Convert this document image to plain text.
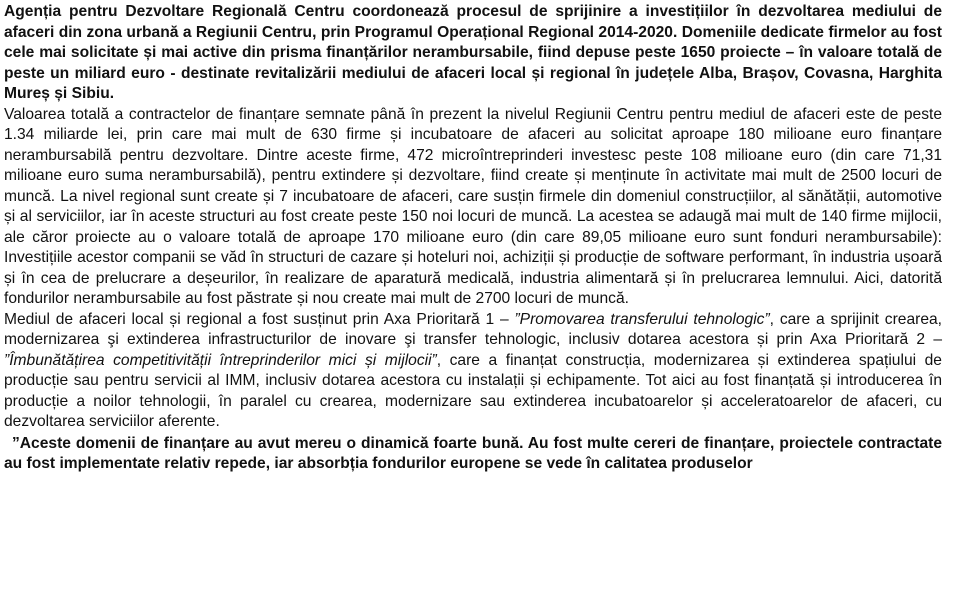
Agenția pentru Dezvoltare Regională Centru coordonează procesul de sprijinire a investițiilor în dezvoltarea mediului de afaceri din zona urbană a Regiunii Centru, prin Programul Operațional Regional 2014-2020. Domeniile dedicate firmelor au fost cele mai solicitate și mai active din prisma finanțărilor nerambursabile, fiind depuse peste 1650 proiecte – în valoare totală de peste un miliard euro - destinate revitalizării mediului de afaceri local și regional în județele Alba, Brașov, Covasna, Harghita Mureș și Sibiu.

Valoarea totală a contractelor de finanțare semnate până în prezent la nivelul Regiunii Centru pentru mediul de afaceri este de peste 1.34 miliarde lei, prin care mai mult de 630 firme și incubatoare de afaceri au solicitat aproape 180 milioane euro finanțare nerambursabilă pentru dezvoltare. Dintre aceste firme, 472 microîntreprinderi investesc peste 108 milioane euro (din care 71,31 milioane euro suma nerambursabilă), pentru extindere și dezvoltare, fiind create și menținute în activitate mai mult de 2500 locuri de muncă. La nivel regional sunt create și 7 incubatoare de afaceri, care susțin firmele din domeniul construcțiilor, al sănătății, automotive și al serviciilor, iar în aceste structuri au fost create peste 150 noi locuri de muncă. La acestea se adaugă mai mult de 140 firme mijlocii, ale căror proiecte au o valoare totală de aproape 170 milioane euro (din care 89,05 milioane euro sunt fonduri nerambursabile): Investițiile acestor companii se văd în structuri de cazare și hoteluri noi, achiziții și producție de software performant, în industria ușoară și în cea de prelucrare a deșeurilor, în realizare de aparatură medicală, industria alimentară și în prelucrarea lemnului. Aici, datorită fondurilor nerambursabile au fost păstrate și nou create mai mult de 2700 locuri de muncă.

Mediul de afaceri local și regional a fost susținut prin Axa Prioritară 1 – ”Promovarea transferului tehnologic”, care a sprijinit crearea, modernizarea şi extinderea infrastructurilor de inovare şi transfer tehnologic, inclusiv dotarea acestora și prin Axa Prioritară 2 – ”Îmbunătățirea competitivității întreprinderilor mici și mijlocii”, care a finanțat construcția, modernizarea și extinderea spațiului de producție sau pentru servicii al IMM, inclusiv dotarea acestora cu instalații și echipamente. Tot aici au fost finanțată și introducerea în producție a noilor tehnologii, în paralel cu crearea, modernizare sau extinderea incubatoarelor și acceleratoarelor de afaceri, cu dezvoltarea serviciilor aferente.

”Aceste domenii de finanțare au avut mereu o dinamică foarte bună. Au fost multe cereri de finanțare, proiectele contractate au fost implementate relativ repede, iar absorbția fondurilor europene se vede în calitatea produselor
